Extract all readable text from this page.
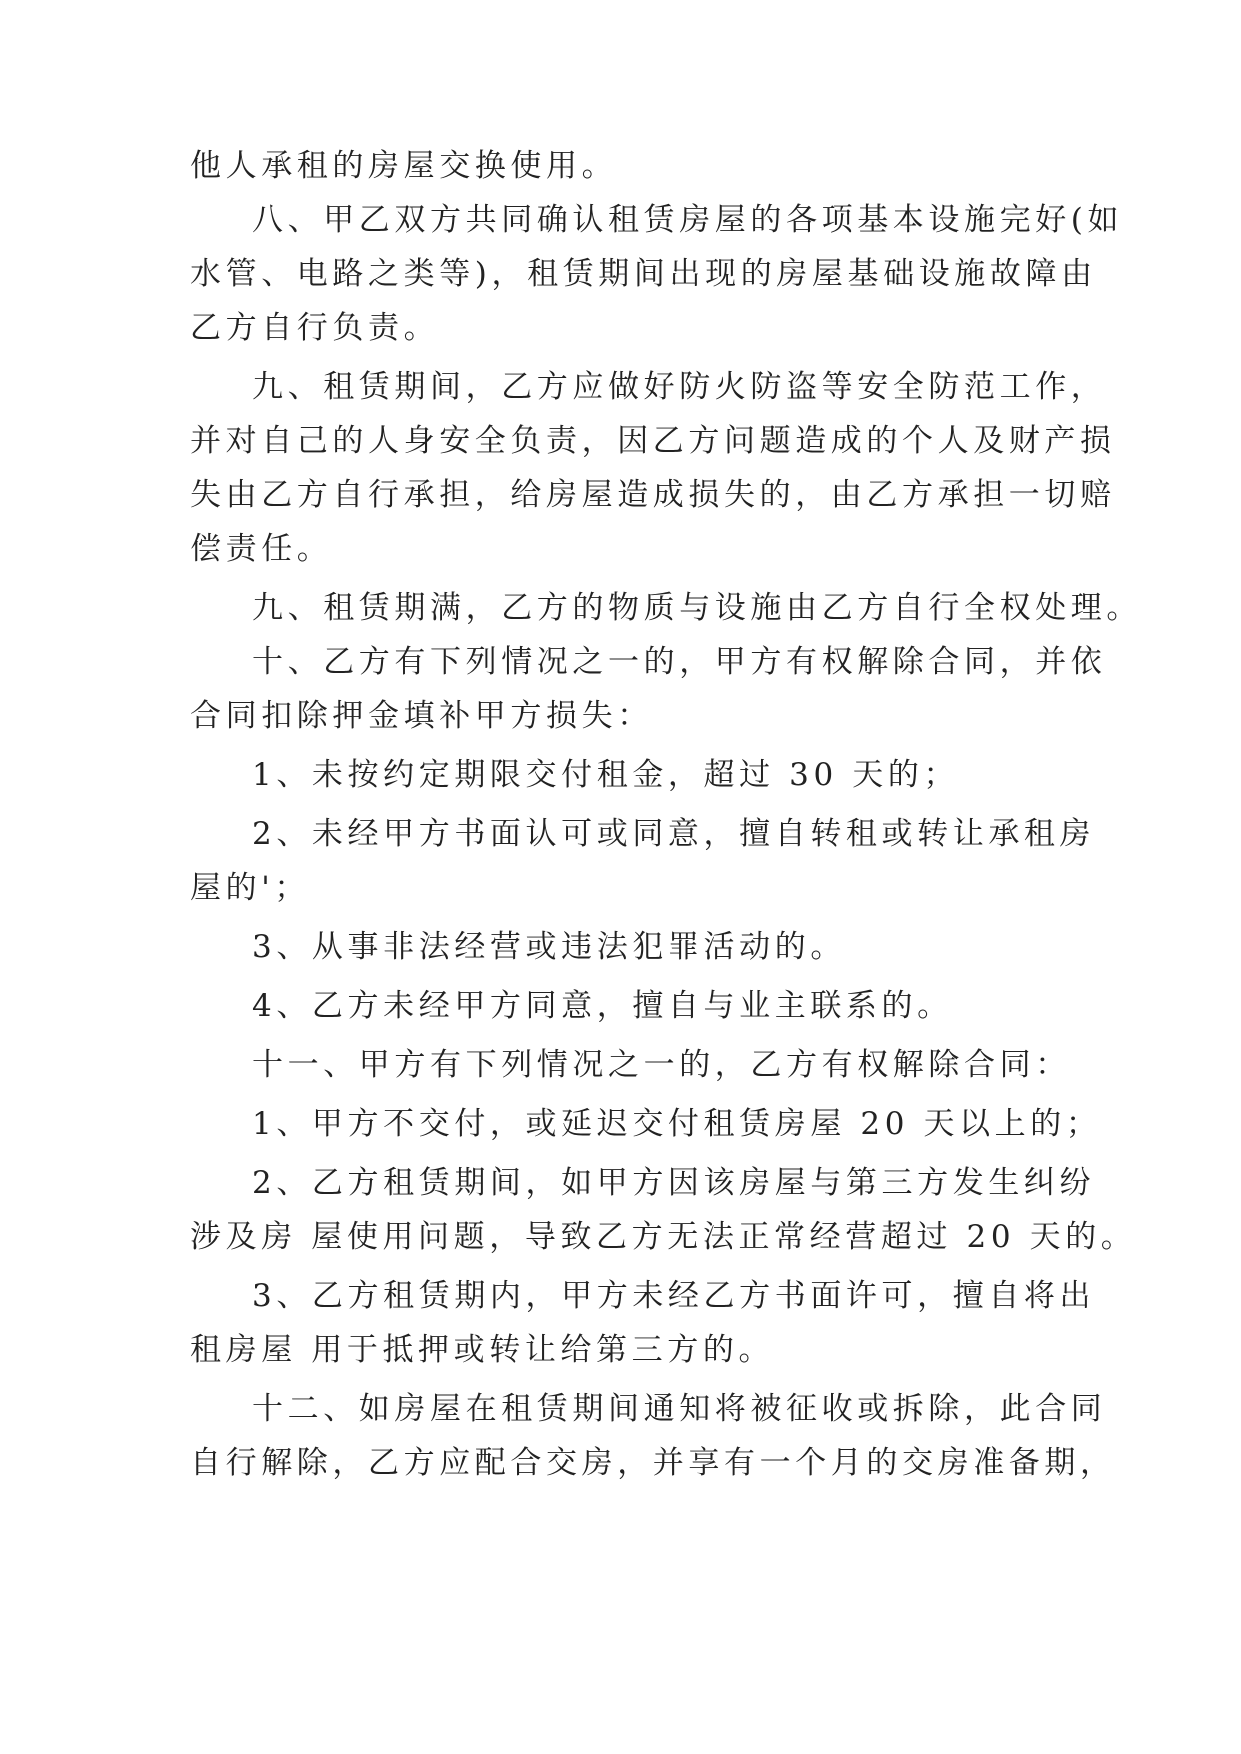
他人承租的房屋交换使用。
八、甲乙双方共同确认租赁房屋的各项基本设施完好(如
水管、电路之类等)，租赁期间出现的房屋基础设施故障由
乙方自行负责。
九、租赁期间，乙方应做好防火防盗等安全防范工作，
并对自己的人身安全负责，因乙方问题造成的个人及财产损
失由乙方自行承担，给房屋造成损失的，由乙方承担一切赔
偿责任。
九、租赁期满，乙方的物质与设施由乙方自行全权处理。
十、乙方有下列情况之一的，甲方有权解除合同，并依
合同扣除押金填补甲方损失：
1、未按约定期限交付租金，超过 30 天的；
2、未经甲方书面认可或同意，擅自转租或转让承租房
屋的'；
3、从事非法经营或违法犯罪活动的。
4、乙方未经甲方同意，擅自与业主联系的。
十一、甲方有下列情况之一的，乙方有权解除合同：
1、甲方不交付，或延迟交付租赁房屋 20 天以上的；
2、乙方租赁期间，如甲方因该房屋与第三方发生纠纷
涉及房 屋使用问题，导致乙方无法正常经营超过 20 天的。
3、乙方租赁期内，甲方未经乙方书面许可，擅自将出
租房屋 用于抵押或转让给第三方的。
十二、如房屋在租赁期间通知将被征收或拆除，此合同
自行解除，乙方应配合交房，并享有一个月的交房准备期，
